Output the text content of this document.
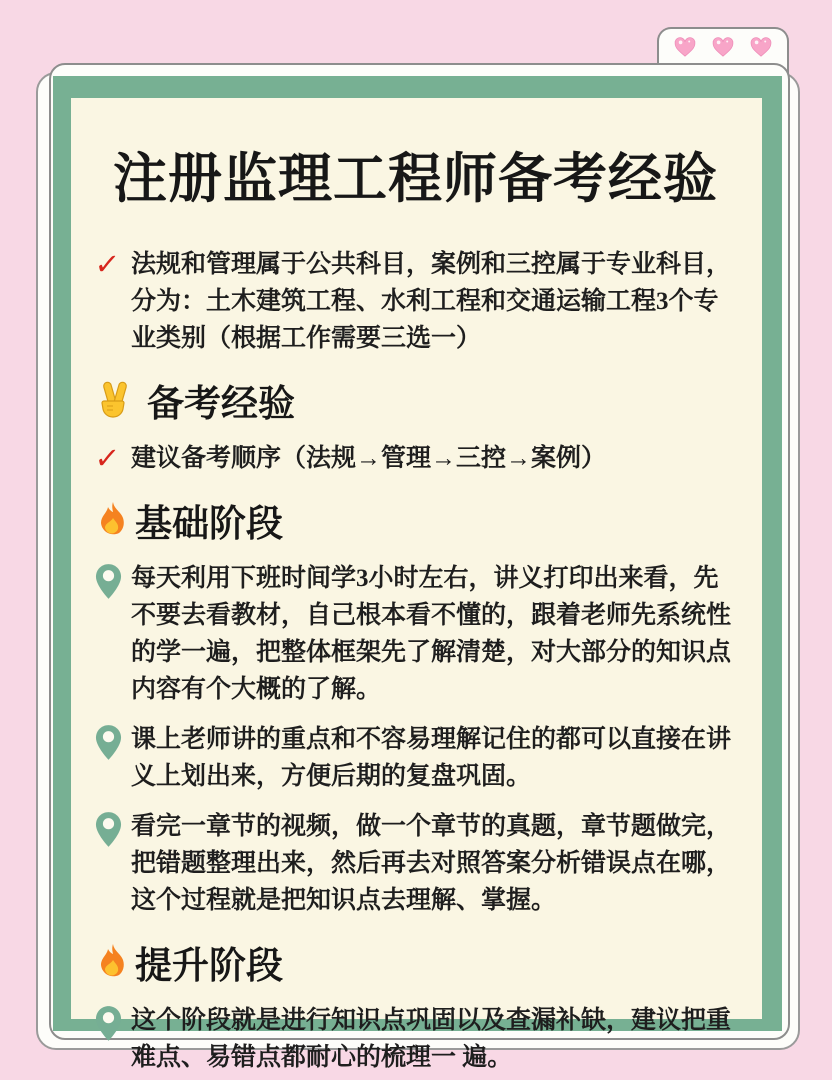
注册监理工程师备考经验
✓ 法规和管理属于公共科目，案例和三控属于专业科目，分为：土木建筑工程、水利工程和交通运输工程3个专业类别（根据工作需要三选一）

备考经验
✓ 建议备考顺序（法规→管理→三控→案例）

基础阶段

每天利用下班时间学3小时左右，讲义打印出来看，先不要去看教材，自己根本看不懂的，跟着老师先系统性的学一遍，把整体框架先了解清楚，对大部分的知识点内容有个大概的了解。

课上老师讲的重点和不容易理解记住的都可以直接在讲义上划出来，方便后期的复盘巩固。

看完一章节的视频，做一个章节的真题，章节题做完，把错题整理出来，然后再去对照答案分析错误点在哪，这个过程就是把知识点去理解、掌握。

提升阶段

这个阶段就是进行知识点巩固以及查漏补缺，建议把重难点、易错点都耐心的梳理一 遍。
